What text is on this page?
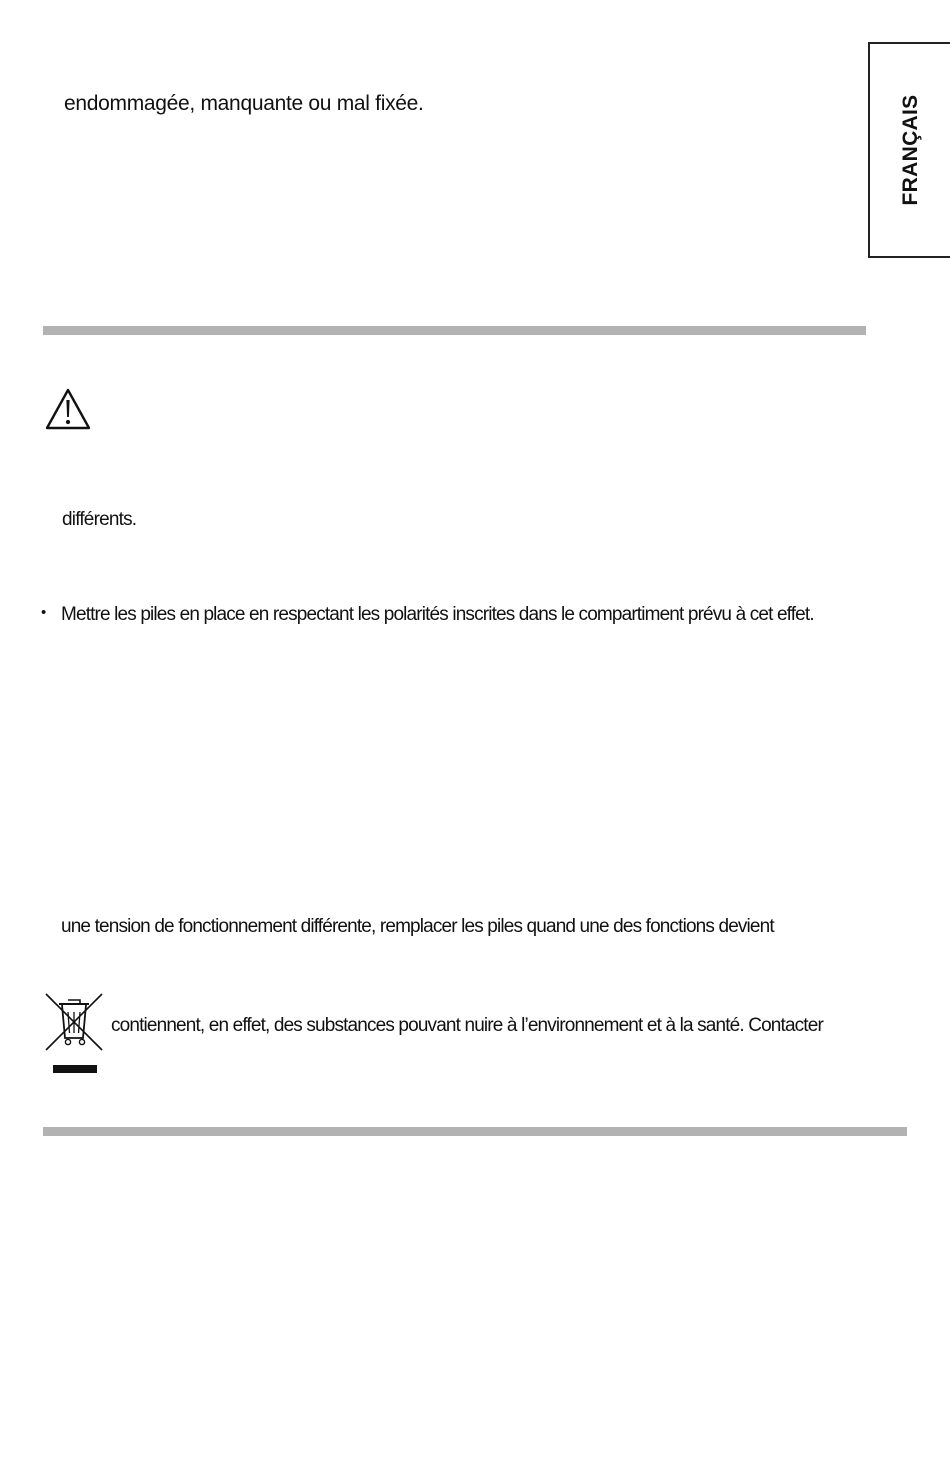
FRANÇAIS
endommagée, manquante ou mal fixée.
différents.
• Mettre les piles en place en respectant les polarités inscrites dans le compartiment prévu à cet effet.
une tension de fonctionnement différente, remplacer les piles quand une des fonctions devient
contiennent, en effet, des substances pouvant nuire à l’environnement et à la santé. Contacter
